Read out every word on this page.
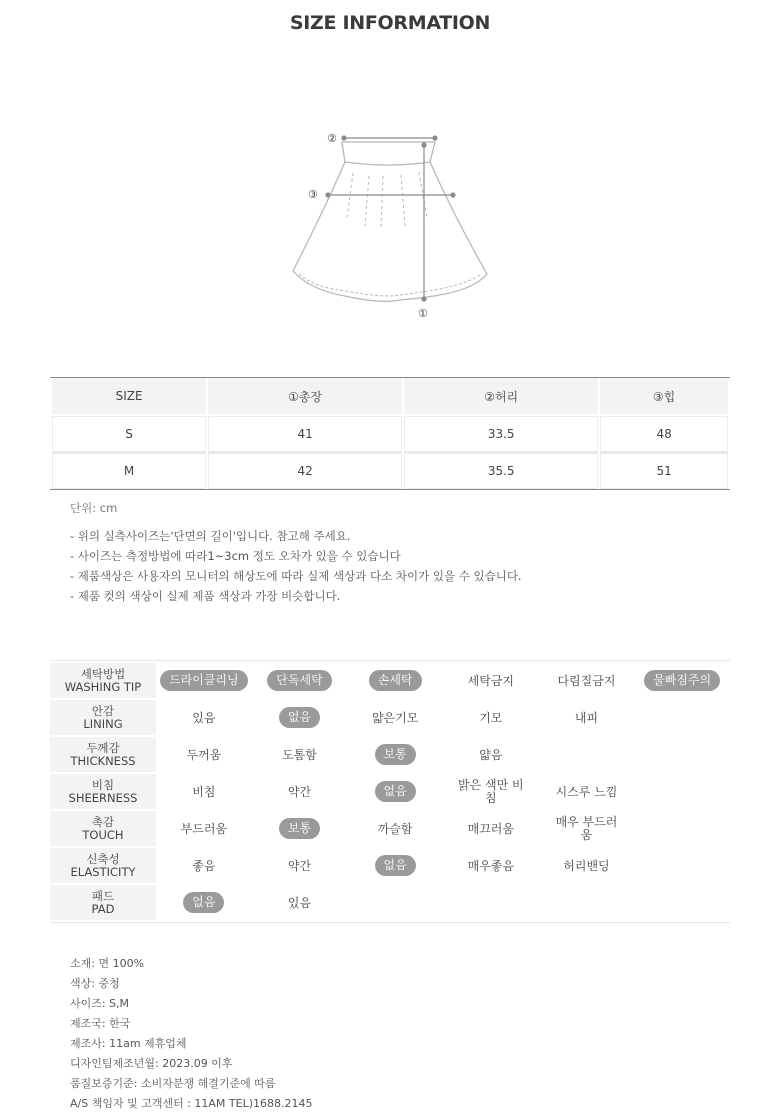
SIZE INFORMATION
②
③
①
SIZE	①총장	②허리	③힙
S	41	33.5	48
M	42	35.5	51
단위: cm
- 위의 실측사이즈는'단면의 길이'입니다. 참고해 주세요.
- 사이즈는 측정방법에 따라1~3cm 정도 오차가 있을 수 있습니다
- 제품색상은 사용자의 모니터의 해상도에 따라 실제 색상과 다소 차이가 있을 수 있습니다.
- 제품 컷의 색상이 실제 제품 색상과 가장 비슷합니다.
세탁방법
WASHING TIP	드라이클리닝	단독세탁	손세탁	세탁금지	다림질금지	물빠짐주의

안감
LINING	있음	없음	얇은기모	기모	내피	

두께감
THICKNESS	두꺼움	도톰함	보통	얇음		

비침
SHEERNESS	비침	약간	없음	밝은 색만 비침	시스루 느낌	

촉감
TOUCH	부드러움	보통	까슬함	매끄러움	매우 부드러움	

신축성
ELASTICITY	좋음	약간	없음	매우좋음	허리밴딩	

패드
PAD	없음	있음				
소재: 면 100%
색상: 중청
사이즈: S,M
제조국: 한국
제조사: 11am 제휴업체
디자인팀제조년월: 2023.09 이후
품질보증기준: 소비자분쟁 해결기준에 따름
A/S 책임자 및 고객센터 : 11AM TEL)1688.2145
